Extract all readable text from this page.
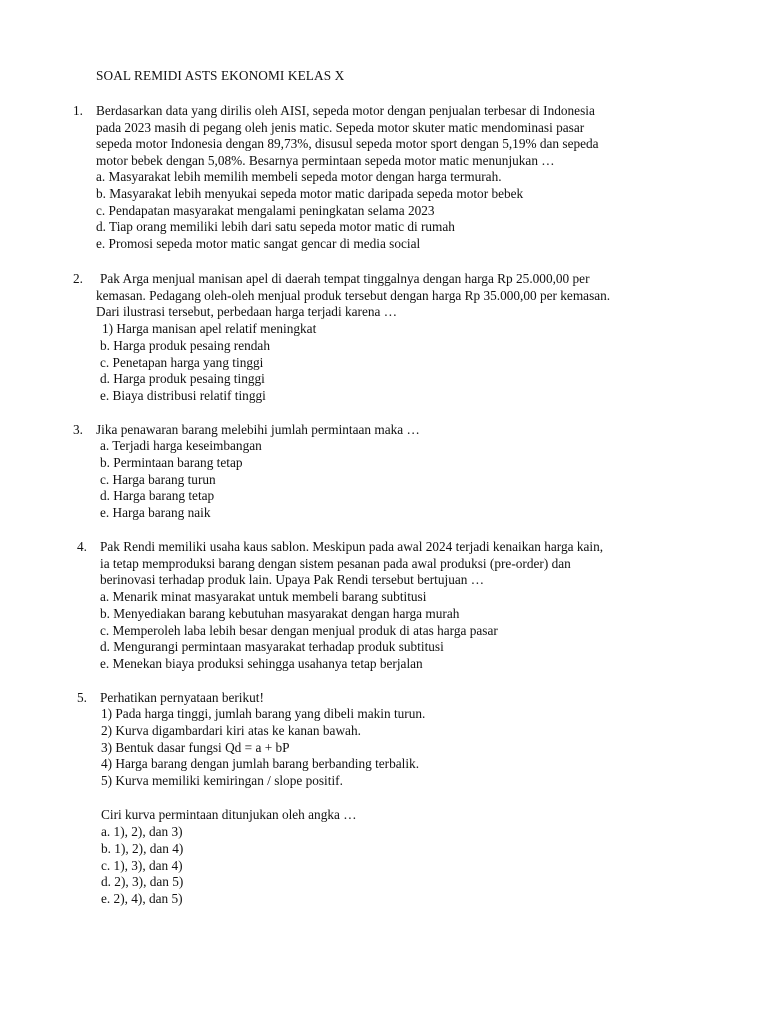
SOAL REMIDI ASTS EKONOMI KELAS X
1. Berdasarkan data yang dirilis oleh AISI, sepeda motor dengan penjualan terbesar di Indonesia
pada 2023 masih di pegang oleh jenis matic. Sepeda motor skuter matic mendominasi pasar
sepeda motor Indonesia dengan 89,73%, disusul sepeda motor sport dengan 5,19% dan sepeda
motor bebek dengan 5,08%. Besarnya permintaan sepeda motor matic menunjukan …
a. Masyarakat lebih memilih membeli sepeda motor dengan harga termurah.
b. Masyarakat lebih menyukai sepeda motor matic daripada sepeda motor bebek
c. Pendapatan masyarakat mengalami peningkatan selama 2023
d. Tiap orang memiliki lebih dari satu sepeda motor matic di rumah
e. Promosi sepeda motor matic sangat gencar di media social
2.	Pak Arga menjual manisan apel di daerah tempat tinggalnya dengan harga Rp 25.000,00 per
kemasan. Pedagang oleh-oleh menjual produk tersebut dengan harga Rp 35.000,00 per kemasan.
Dari ilustrasi tersebut, perbedaan harga terjadi karena …
1) Harga manisan apel relatif meningkat
b. Harga produk pesaing rendah
c. Penetapan harga yang tinggi
d. Harga produk pesaing tinggi
e. Biaya distribusi relatif tinggi
3. Jika penawaran barang melebihi jumlah permintaan maka …
a. Terjadi harga keseimbangan
b. Permintaan barang tetap
c. Harga barang turun
d. Harga barang tetap
e. Harga barang naik
4. Pak Rendi memiliki usaha kaus sablon. Meskipun pada awal 2024 terjadi kenaikan harga kain,
ia tetap memproduksi barang dengan sistem pesanan pada awal produksi (pre-order) dan
berinovasi terhadap produk lain. Upaya Pak Rendi tersebut bertujuan …
a. Menarik minat masyarakat untuk membeli barang subtitusi
b. Menyediakan barang kebutuhan masyarakat dengan harga murah
c. Memperoleh laba lebih besar dengan menjual produk di atas harga pasar
d. Mengurangi permintaan masyarakat terhadap produk subtitusi
e. Menekan biaya produksi sehingga usahanya tetap berjalan
5. Perhatikan pernyataan berikut!
1) Pada harga tinggi, jumlah barang yang dibeli makin turun.
2) Kurva digambardari kiri atas ke kanan bawah.
3) Bentuk dasar fungsi Qd = a + bP
4) Harga barang dengan jumlah barang berbanding terbalik.
5) Kurva memiliki kemiringan / slope positif.
Ciri kurva permintaan ditunjukan oleh angka …
a. 1), 2), dan 3)
b. 1), 2), dan 4)
c. 1), 3), dan 4)
d. 2), 3), dan 5)
e. 2), 4), dan 5)
